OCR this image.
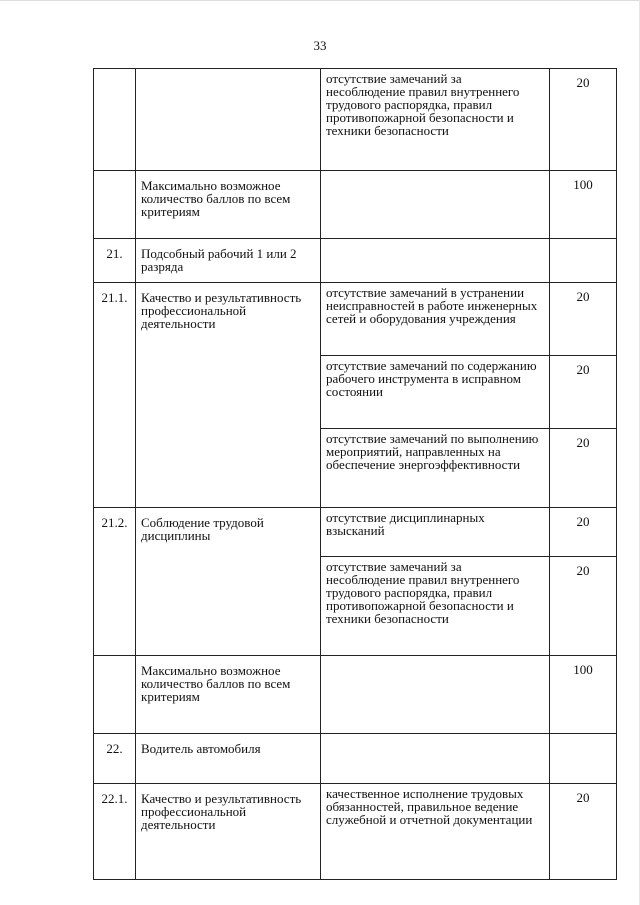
33
		отсутствие замечаний за несоблюдение правил внутреннего трудового распорядка, правил противопожарной безопасности и техники безопасности	20
	Максимально возможное количество баллов по всем критериям		100
21.	Подсобный рабочий 1 или 2 разряда		
21.1.	Качество и результативность профессиональной деятельности	отсутствие замечаний в устранении неисправностей в работе инженерных сетей и оборудования учреждения	20
		отсутствие замечаний по содержанию рабочего инструмента в исправном состоянии	20
		отсутствие замечаний по выполнению мероприятий, направленных на обеспечение энергоэффективности	20
21.2.	Соблюдение трудовой дисциплины	отсутствие дисциплинарных взысканий	20
		отсутствие замечаний за несоблюдение правил внутреннего трудового распорядка, правил противопожарной безопасности и техники безопасности	20
	Максимально возможное количество баллов по всем критериям		100
22.	Водитель автомобиля		
22.1.	Качество и результативность профессиональной деятельности	качественное исполнение трудовых обязанностей, правильное ведение служебной и отчетной документации	20
